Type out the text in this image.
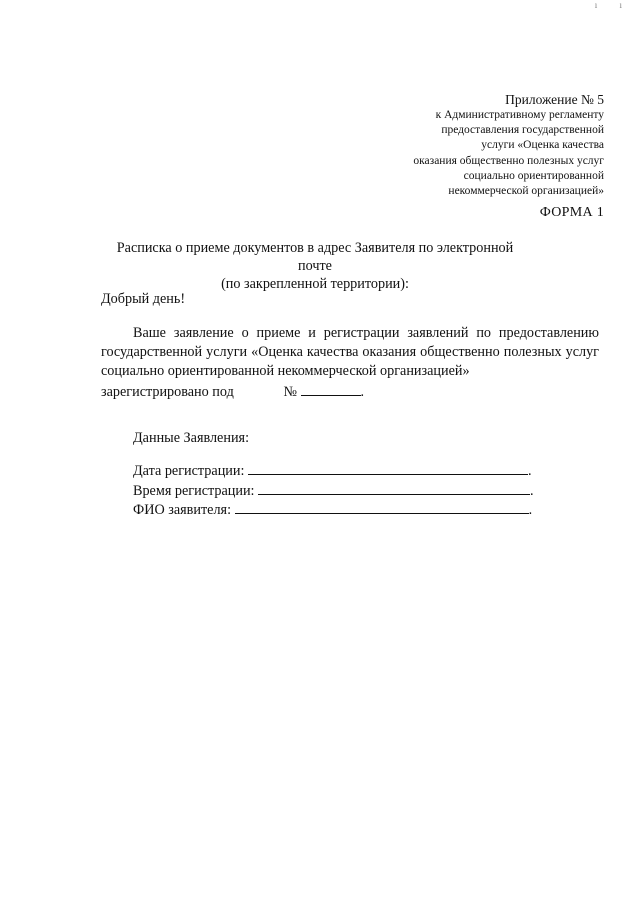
ı ı
Приложение № 5
к Административному регламенту
предоставления государственной
услуги «Оценка качества
оказания общественно полезных услуг
социально ориентированной
некоммерческой организацией»
ФОРМА 1
Расписка о приеме документов в адрес Заявителя по электронной почте
(по закрепленной территории):
Добрый день!
Ваше заявление о приеме и регистрации заявлений по предоставлению государственной услуги «Оценка качества оказания общественно полезных услуг социально ориентированной некоммерческой организацией»
зарегистрировано под	№	.
Данные Заявления:
Дата регистрации:	.
Время регистрации:	.
ФИО заявителя:	.
